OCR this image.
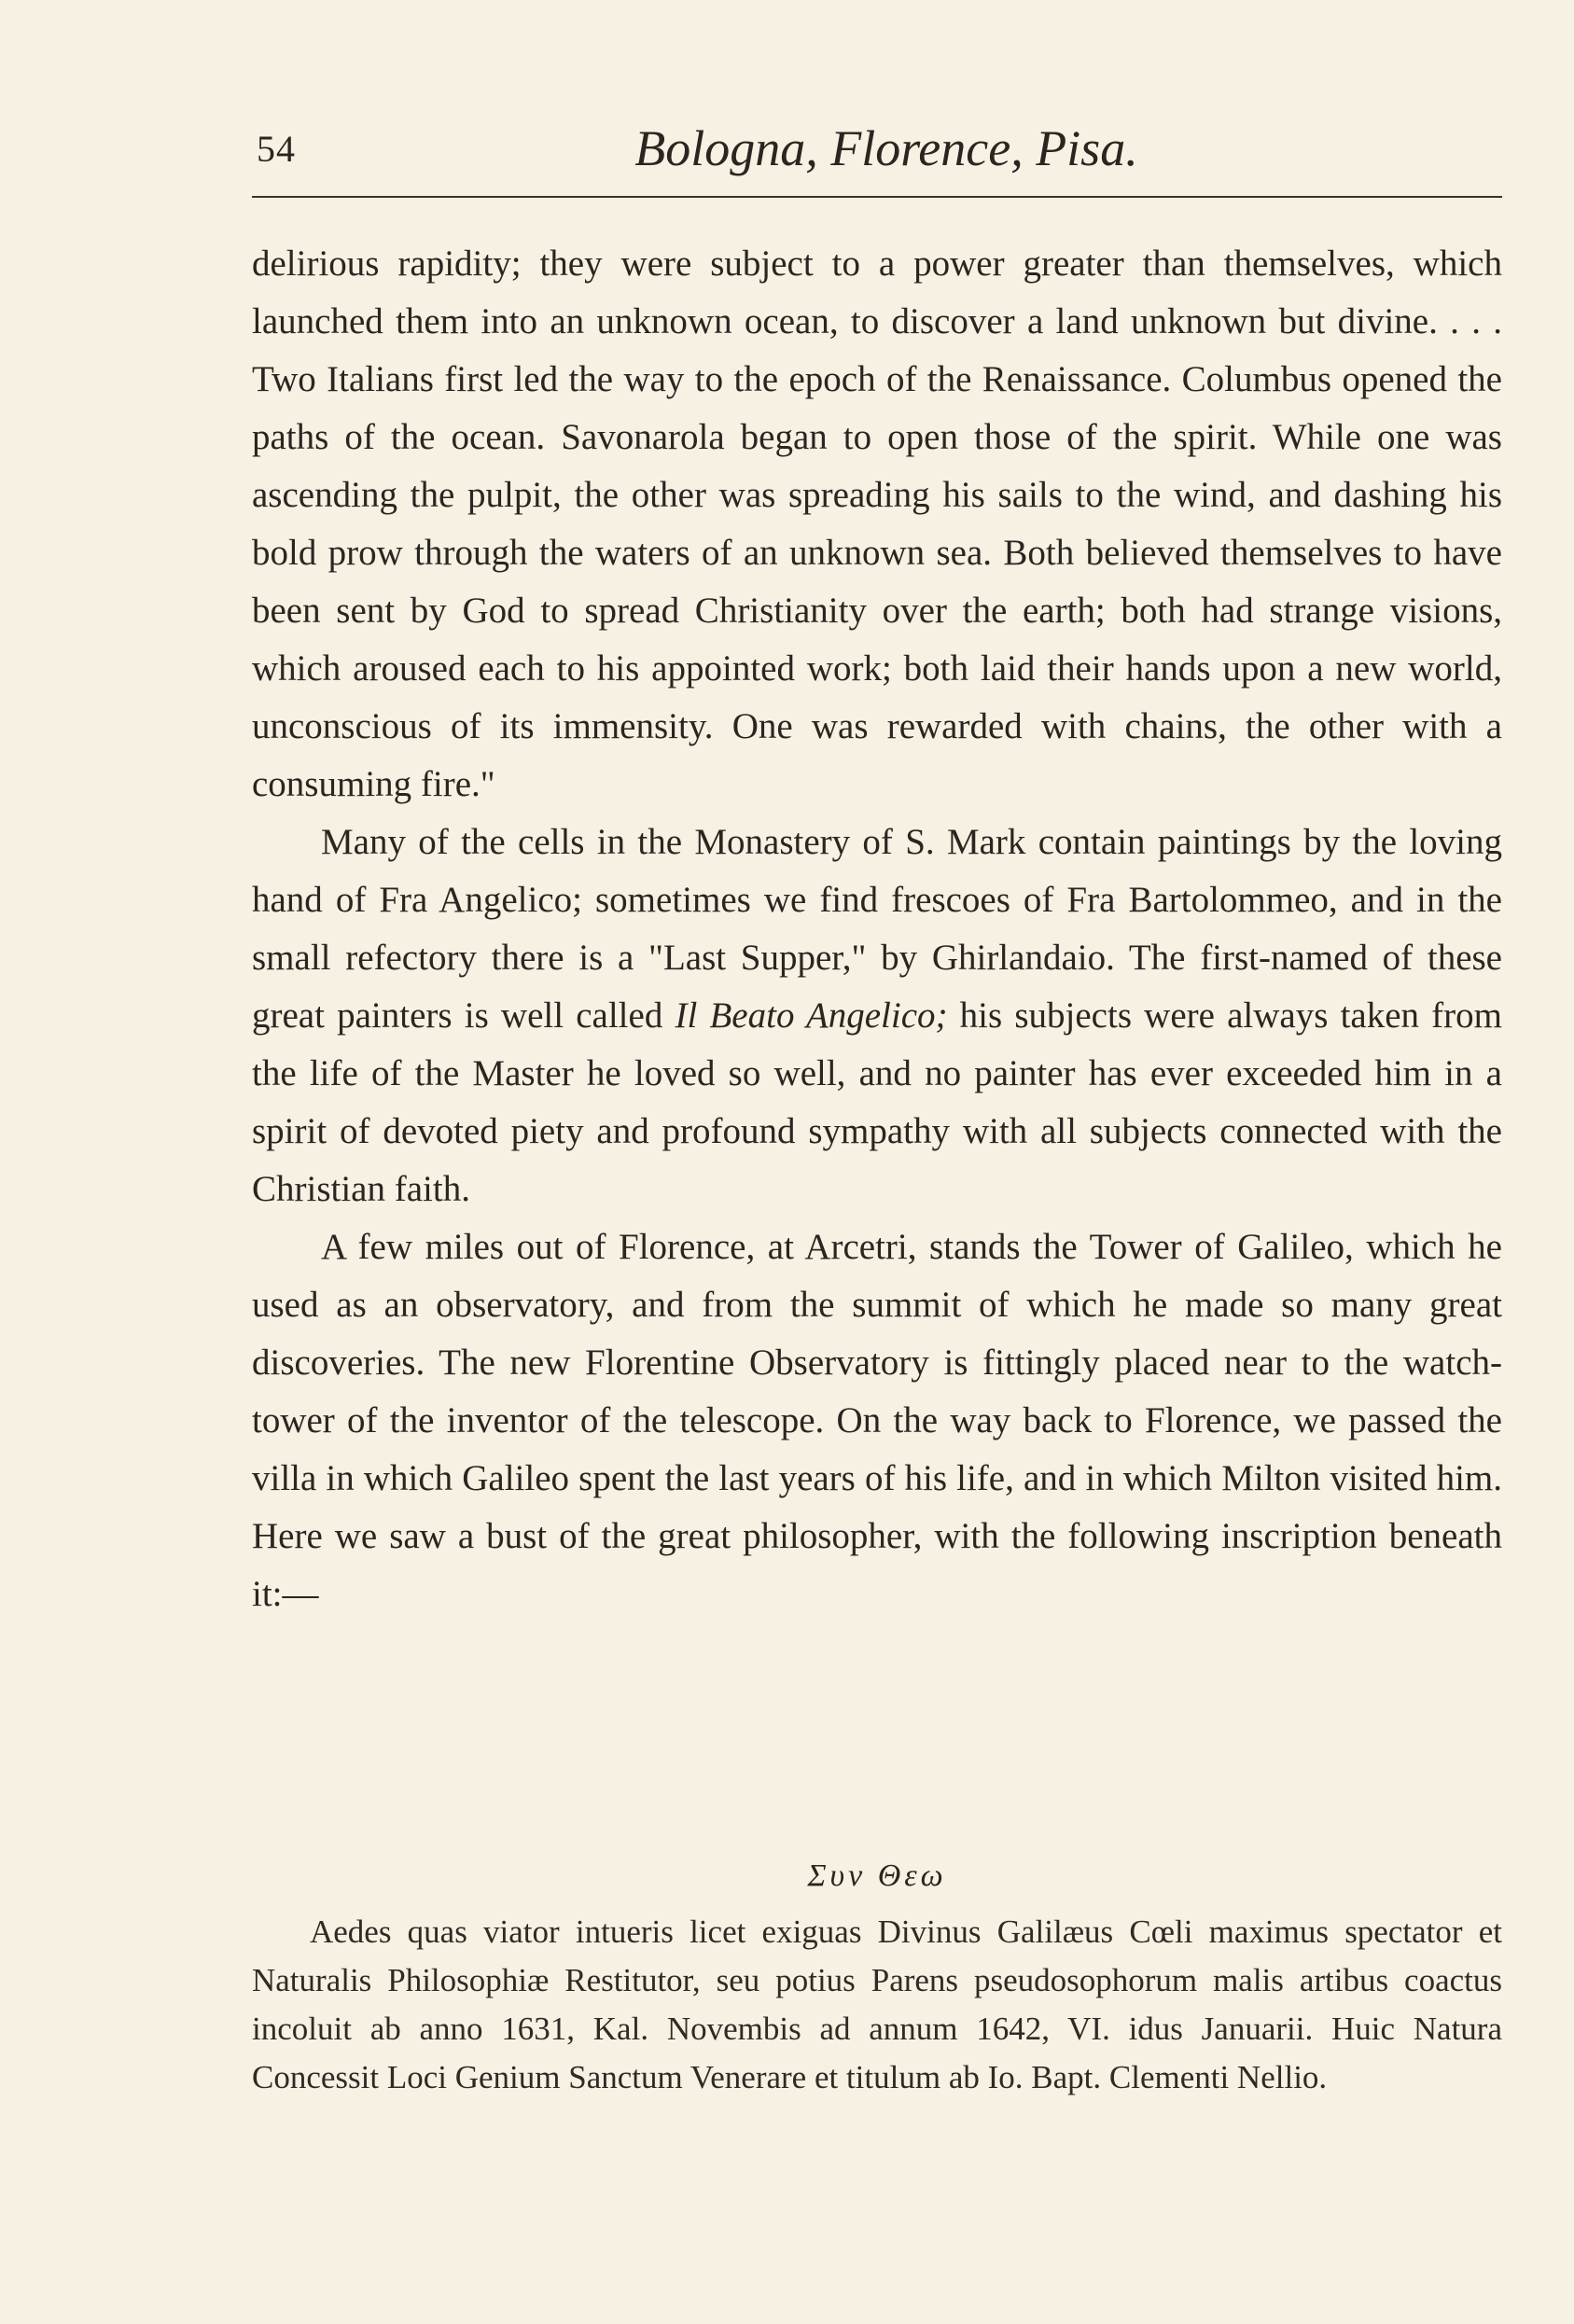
54	Bologna, Florence, Pisa.

delirious rapidity; they were subject to a power greater than themselves, which launched them into an unknown ocean, to discover a land unknown but divine. . . . Two Italians first led the way to the epoch of the Renaissance. Columbus opened the paths of the ocean. Savonarola began to open those of the spirit. While one was ascending the pulpit, the other was spreading his sails to the wind, and dashing his bold prow through the waters of an unknown sea. Both believed themselves to have been sent by God to spread Christianity over the earth; both had strange visions, which aroused each to his appointed work; both laid their hands upon a new world, unconscious of its immensity. One was rewarded with chains, the other with a consuming fire."

Many of the cells in the Monastery of S. Mark contain paintings by the loving hand of Fra Angelico; sometimes we find frescoes of Fra Bartolommeo, and in the small refectory there is a "Last Supper," by Ghirlandaio. The first-named of these great painters is well called Il Beato Angelico; his subjects were always taken from the life of the Master he loved so well, and no painter has ever exceeded him in a spirit of devoted piety and profound sympathy with all subjects connected with the Christian faith.

A few miles out of Florence, at Arcetri, stands the Tower of Galileo, which he used as an observatory, and from the summit of which he made so many great discoveries. The new Florentine Observatory is fittingly placed near to the watch-tower of the inventor of the telescope. On the way back to Florence, we passed the villa in which Galileo spent the last years of his life, and in which Milton visited him. Here we saw a bust of the great philosopher, with the following inscription beneath it:—

Συν Θεω

Aedes quas viator intueris licet exiguas Divinus Galilæus Cœli maximus spectator et Naturalis Philosophiæ Restitutor, seu potius Parens pseudosophorum malis artibus coactus incoluit ab anno 1631, Kal. Novembis ad annum 1642, VI. idus Januarii. Huic Natura Concessit Loci Genium Sanctum Venerare et titulum ab Io. Bapt. Clementi Nellio.
